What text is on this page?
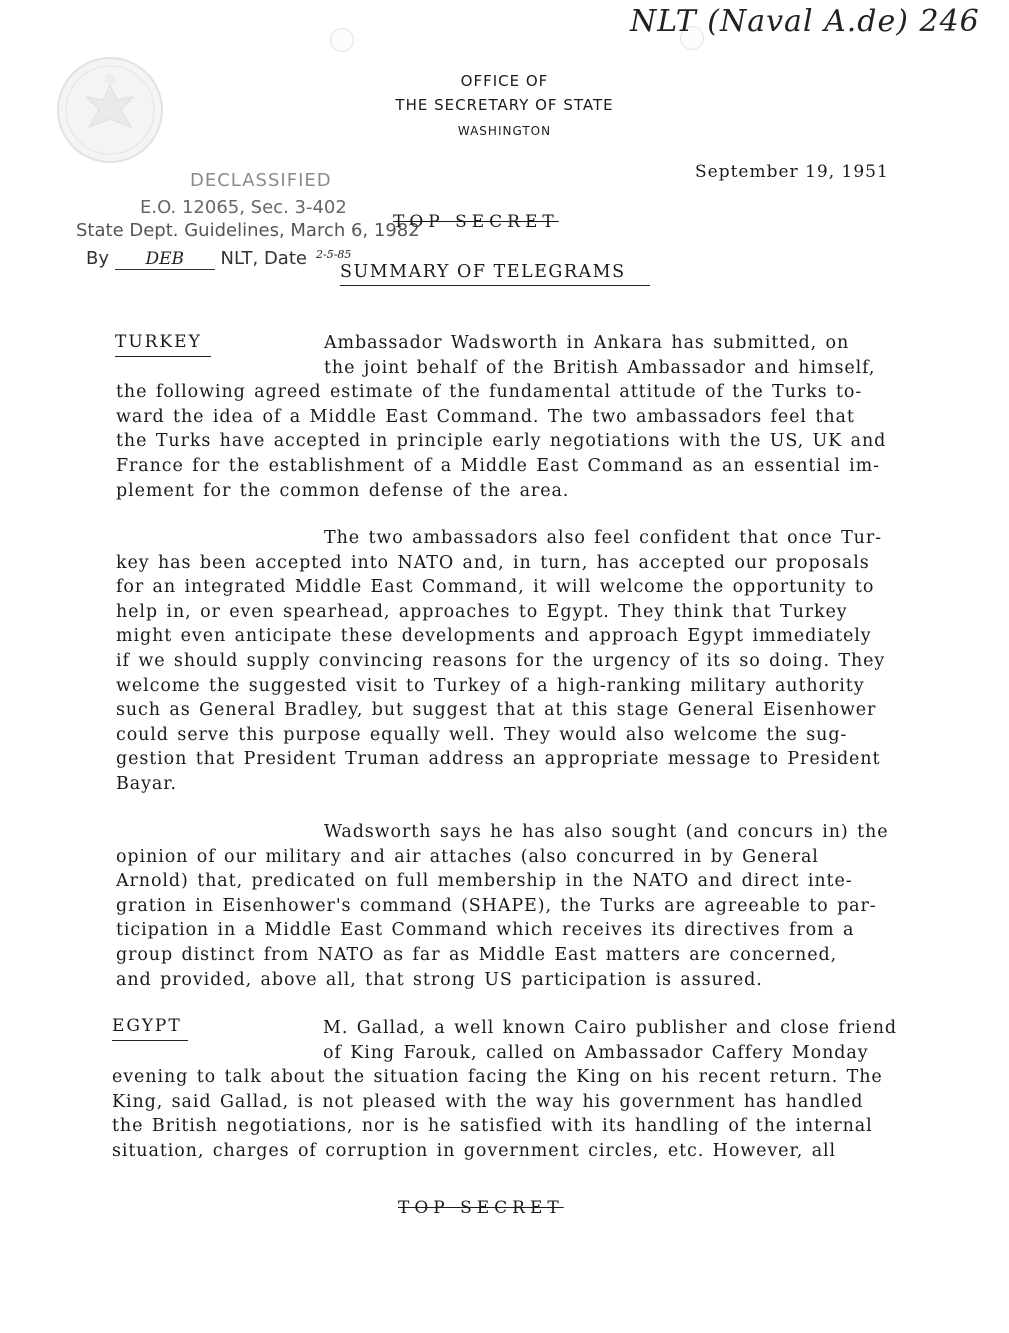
NLT (Naval A.de) 246
OFFICE OF
THE SECRETARY OF STATE
WASHINGTON
September 19, 1951
DECLASSIFIED
E.O. 12065, Sec. 3-402
State Dept. Guidelines, March 6, 1982
By DEB NLT, Date 2-5-85
TOP SECRET
SUMMARY OF TELEGRAMS
TURKEY	Ambassador Wadsworth in Ankara has submitted, on
the joint behalf of the British Ambassador and himself,
the following agreed estimate of the fundamental attitude of the Turks to-
ward the idea of a Middle East Command. The two ambassadors feel that
the Turks have accepted in principle early negotiations with the US, UK and
France for the establishment of a Middle East Command as an essential im-
plement for the common defense of the area.
The two ambassadors also feel confident that once Tur-
key has been accepted into NATO and, in turn, has accepted our proposals
for an integrated Middle East Command, it will welcome the opportunity to
help in, or even spearhead, approaches to Egypt. They think that Turkey
might even anticipate these developments and approach Egypt immediately
if we should supply convincing reasons for the urgency of its so doing. They
welcome the suggested visit to Turkey of a high-ranking military authority
such as General Bradley, but suggest that at this stage General Eisenhower
could serve this purpose equally well. They would also welcome the sug-
gestion that President Truman address an appropriate message to President
Bayar.
Wadsworth says he has also sought (and concurs in) the
opinion of our military and air attaches (also concurred in by General
Arnold) that, predicated on full membership in the NATO and direct inte-
gration in Eisenhower's command (SHAPE), the Turks are agreeable to par-
ticipation in a Middle East Command which receives its directives from a
group distinct from NATO as far as Middle East matters are concerned,
and provided, above all, that strong US participation is assured.
EGYPT	M. Gallad, a well known Cairo publisher and close friend
of King Farouk, called on Ambassador Caffery Monday
evening to talk about the situation facing the King on his recent return. The
King, said Gallad, is not pleased with the way his government has handled
the British negotiations, nor is he satisfied with its handling of the internal
situation, charges of corruption in government circles, etc. However, all
TOP SECRET
